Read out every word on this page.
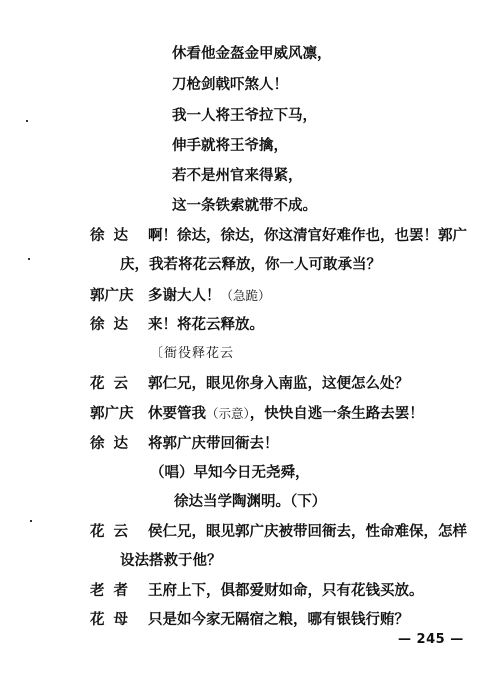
休看他金盔金甲威风凛，
刀枪剑戟吓煞人！
我一人将王爷拉下马，
伸手就将王爷擒，
若不是州官来得紧，
这一条铁索就带不成。
徐达 啊！徐达，徐达，你这清官好难作也，也罢！郭广
庆，我若将花云释放，你一人可敢承当？
郭广庆	多谢大人！（急跪）
徐达 来！将花云释放。
〔衙役释花云
花云 郭仁兄，眼见你身入南监，这便怎么处？
郭广庆	休要管我（示意），快快自逃一条生路去罢！
徐达 将郭广庆带回衙去！
（唱）早知今日无尧舜，
徐达当学陶渊明。（下）
花云 侯仁兄，眼见郭广庆被带回衙去，性命难保，怎样
设法搭救于他？
老者 王府上下，俱都爱财如命，只有花钱买放。
花母 只是如今家无隔宿之粮，哪有银钱行贿？
— 245 —
